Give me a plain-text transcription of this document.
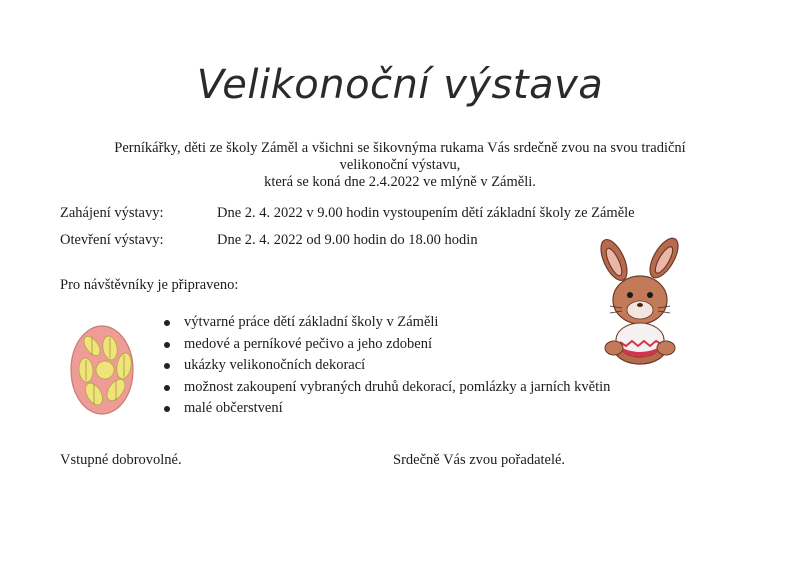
Velikonoční výstava
Perníkářky, děti ze školy Záměl a všichni se šikovnýma rukama Vás srdečně zvou na svou tradiční
velikonoční výstavu,
která se koná dne 2.4.2022 ve mlýně v Záměli.
Zahájení výstavy:	Dne 2. 4. 2022 v 9.00 hodin vystoupením dětí základní školy ze Záměle
Otevření výstavy:	Dne 2. 4. 2022 od 9.00 hodin do 18.00 hodin
Pro návštěvníky je připraveno:
výtvarné práce dětí základní školy v Záměli
medové a perníkové pečivo a jeho zdobení
ukázky velikonočních dekorací
možnost zakoupení vybraných druhů dekorací, pomlázky a jarních květin
malé občerstvení
Vstupné dobrovolné.	Srdečně Vás zvou pořadatelé.
